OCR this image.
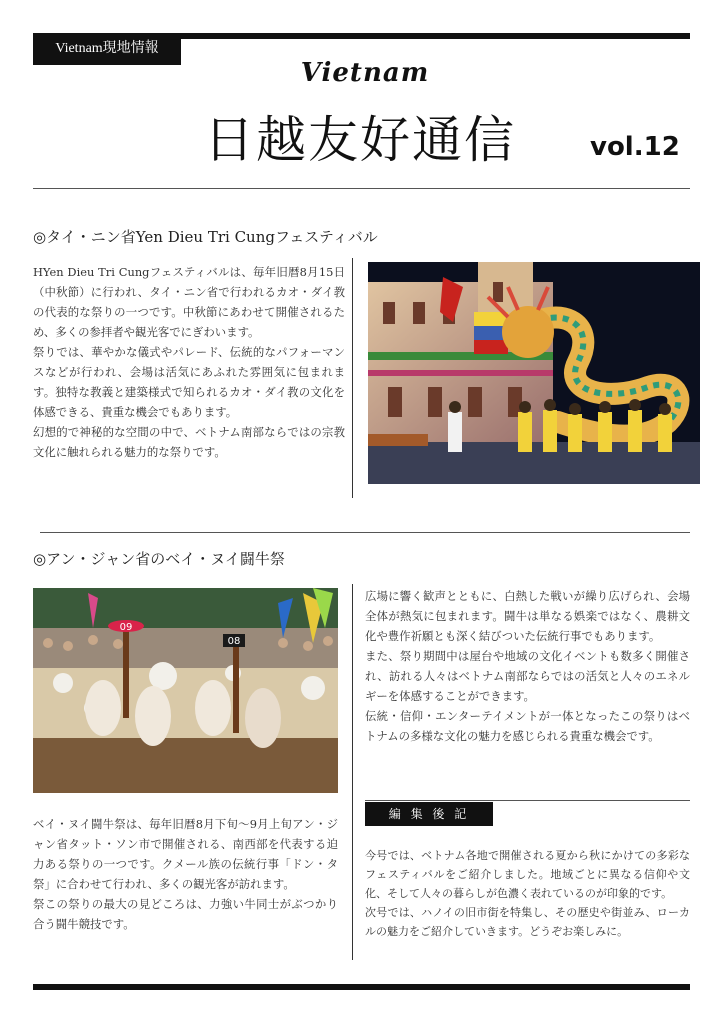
Vietnam現地情報
Vietnam
日越友好通信	vol.12
◎タイ・ニン省Yen Dieu Tri Cungフェスティバル
HYen Dieu Tri Cungフェスティバルは、毎年旧暦8月15日（中秋節）に行われ、タイ・ニン省で行われるカオ・ダイ教の代表的な祭りの一つです。中秋節にあわせて開催されるため、多くの参拝者や観光客でにぎわいます。
祭りでは、華やかな儀式やパレード、伝統的なパフォーマンスなどが行われ、会場は活気にあふれた雰囲気に包まれます。独特な教義と建築様式で知られるカオ・ダイ教の文化を体感できる、貴重な機会でもあります。
幻想的で神秘的な空間の中で、ベトナム南部ならではの宗教文化に触れられる魅力的な祭りです。
◎アン・ジャン省のベイ・ヌイ闘牛祭
09
08
ベイ・ヌイ闘牛祭は、毎年旧暦8月下旬〜9月上旬アン・ジャン省タット・ソン市で開催される、南西部を代表する迫力ある祭りの一つです。クメール族の伝統行事「ドン・タ祭」に合わせて行われ、多くの観光客が訪れます。
祭この祭りの最大の見どころは、力強い牛同士がぶつかり合う闘牛競技です。
広場に響く歓声とともに、白熱した戦いが繰り広げられ、会場全体が熱気に包まれます。闘牛は単なる娯楽ではなく、農耕文化や豊作祈願とも深く結びついた伝統行事でもあります。
また、祭り期間中は屋台や地域の文化イベントも数多く開催され、訪れる人々はベトナム南部ならではの活気と人々のエネルギーを体感することができます。
伝統・信仰・エンターテイメントが一体となったこの祭りはベトナムの多様な文化の魅力を感じられる貴重な機会です。
編 集 後 記
今号では、ベトナム各地で開催される夏から秋にかけての多彩なフェスティバルをご紹介しました。地域ごとに異なる信仰や文化、そして人々の暮らしが色濃く表れているのが印象的です。
次号では、ハノイの旧市街を特集し、その歴史や街並み、ローカルの魅力をご紹介していきます。どうぞお楽しみに。
